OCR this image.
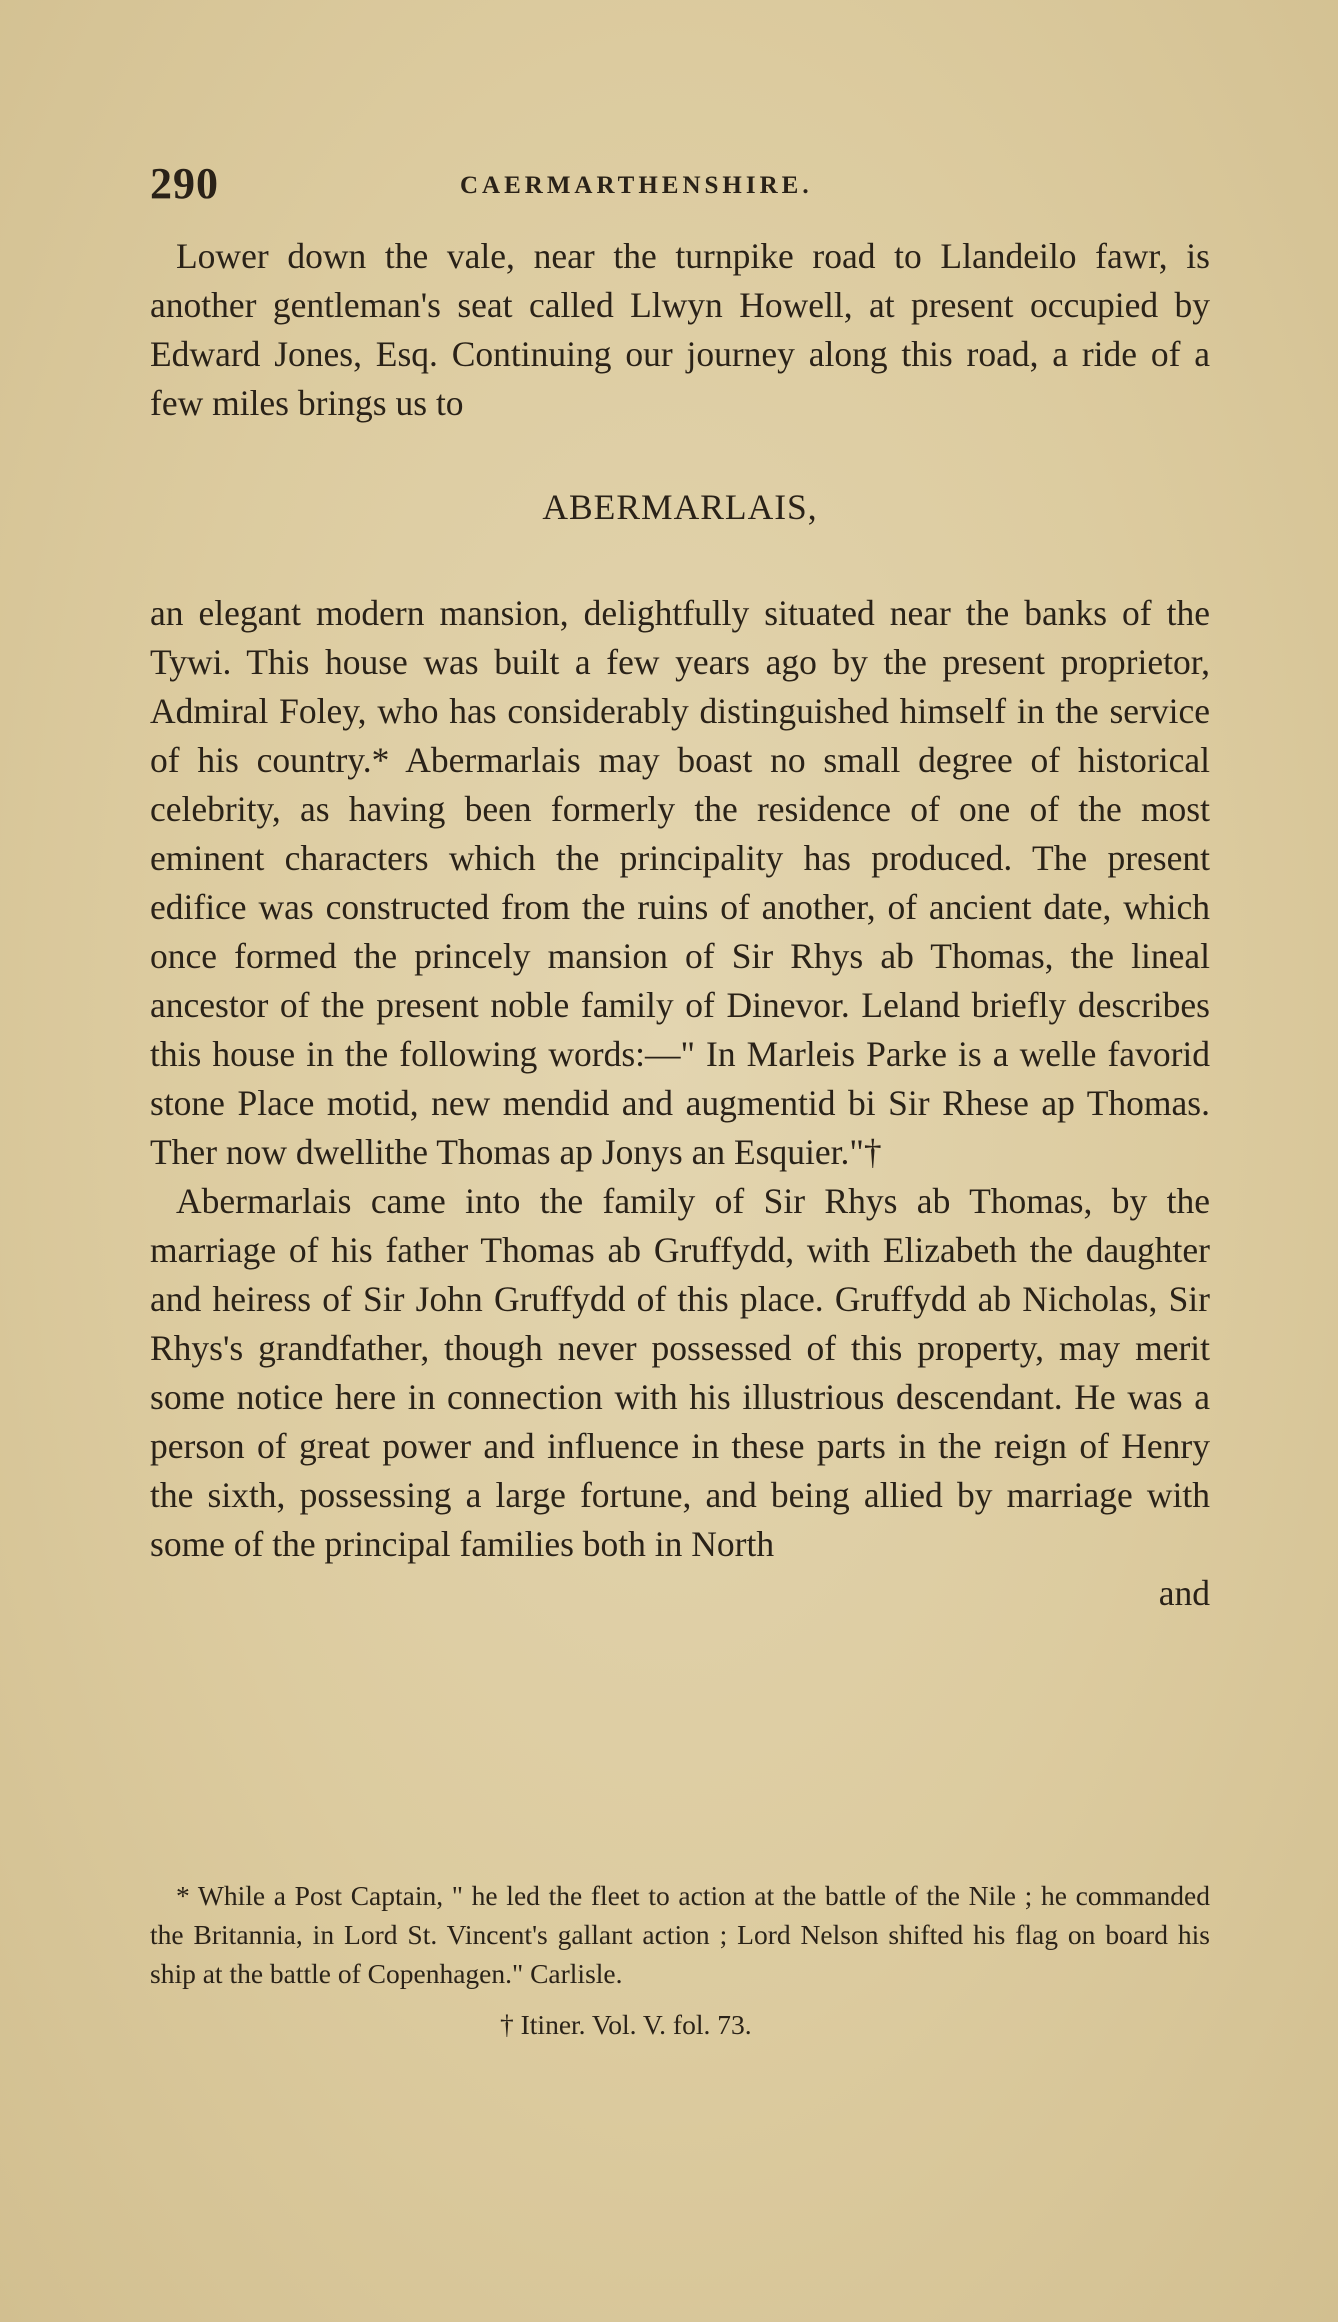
290	CAERMARTHENSHIRE.

Lower down the vale, near the turnpike road to Llandeilo fawr, is another gentleman's seat called Llwyn Howell, at present occupied by Edward Jones, Esq. Continuing our journey along this road, a ride of a few miles brings us to

ABERMARLAIS,

an elegant modern mansion, delightfully situated near the banks of the Tywi. This house was built a few years ago by the present proprietor, Admiral Foley, who has considerably distinguished himself in the service of his country.* Abermarlais may boast no small degree of historical celebrity, as having been formerly the residence of one of the most eminent characters which the principality has produced. The present edifice was constructed from the ruins of another, of ancient date, which once formed the princely mansion of Sir Rhys ab Thomas, the lineal ancestor of the present noble family of Dinevor. Leland briefly describes this house in the following words:—" In Marleis Parke is a welle favorid stone Place motid, new mendid and augmentid bi Sir Rhese ap Thomas. Ther now dwellithe Thomas ap Jonys an Esquier."†

Abermarlais came into the family of Sir Rhys ab Thomas, by the marriage of his father Thomas ab Gruffydd, with Elizabeth the daughter and heiress of Sir John Gruffydd of this place. Gruffydd ab Nicholas, Sir Rhys's grandfather, though never possessed of this property, may merit some notice here in connection with his illustrious descendant. He was a person of great power and influence in these parts in the reign of Henry the sixth, possessing a large fortune, and being allied by marriage with some of the principal families both in North

and

* While a Post Captain, " he led the fleet to action at the battle of the Nile ; he commanded the Britannia, in Lord St. Vincent's gallant action ; Lord Nelson shifted his flag on board his ship at the battle of Copenhagen." Carlisle.

† Itiner. Vol. V. fol. 73.
